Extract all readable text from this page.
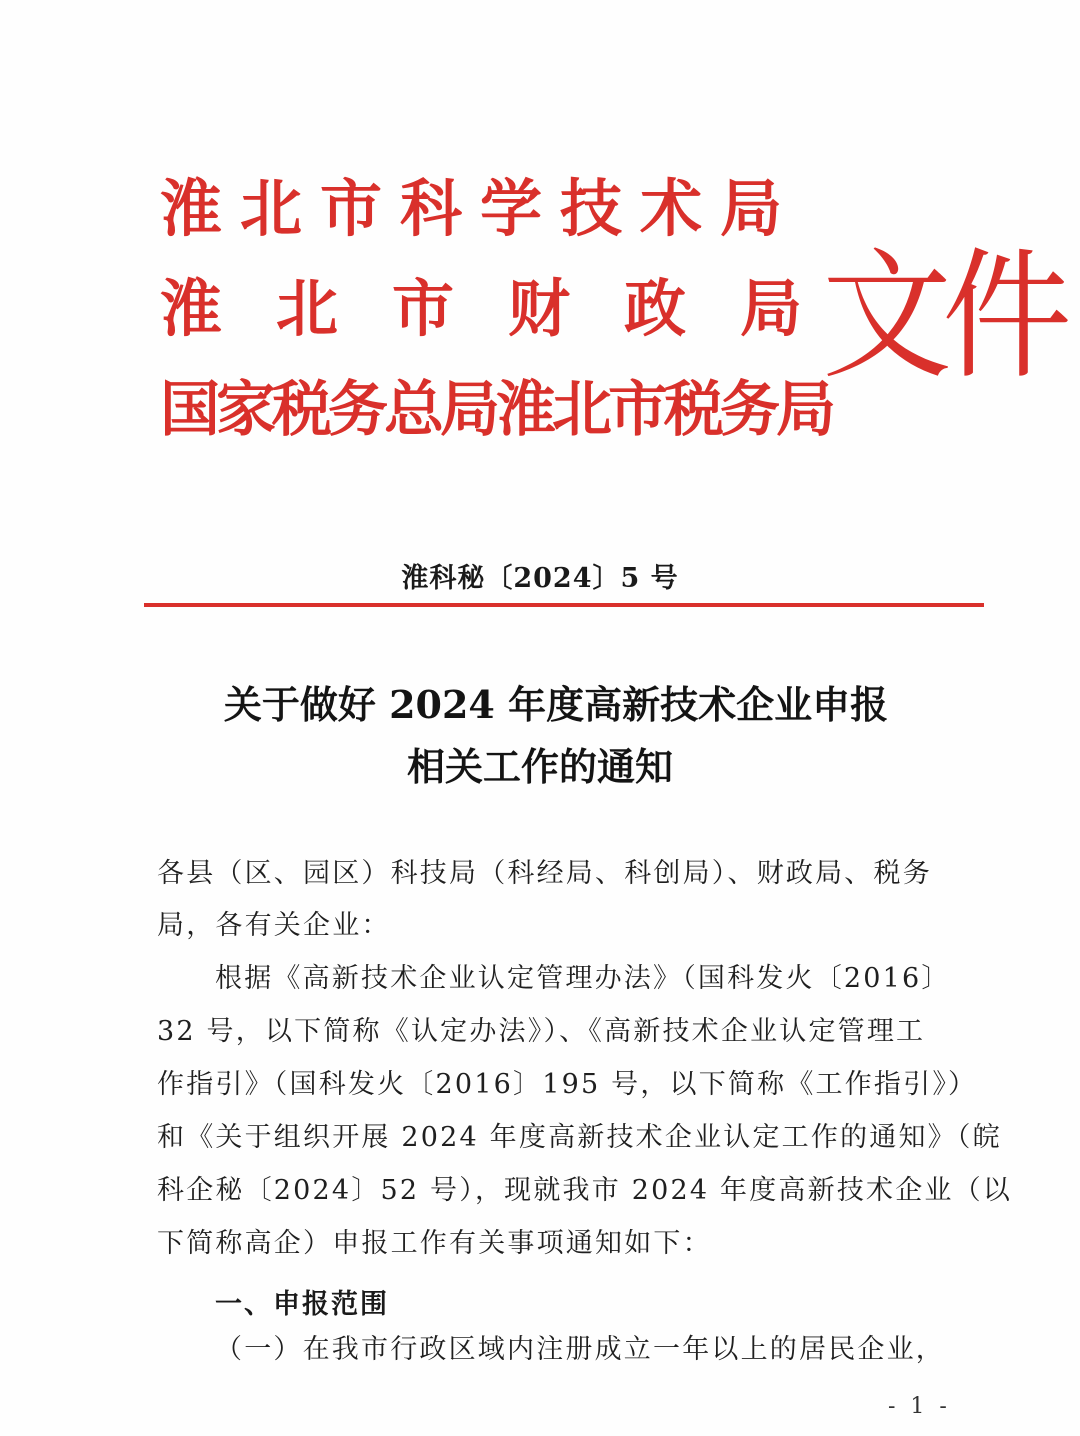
淮北市科学技术局
淮北市财政局
国家税务总局淮北市税务局
文件
淮科秘〔2024〕5 号
关于做好 2024 年度高新技术企业申报
相关工作的通知
各县（区、园区）科技局（科经局、科创局）、财政局、税务
局，各有关企业：
根据《高新技术企业认定管理办法》（国科发火〔2016〕
32 号，以下简称《认定办法》）、《高新技术企业认定管理工
作指引》（国科发火〔2016〕195 号，以下简称《工作指引》）
和《关于组织开展 2024 年度高新技术企业认定工作的通知》（皖
科企秘〔2024〕52 号），现就我市 2024 年度高新技术企业（以
下简称高企）申报工作有关事项通知如下：
一、申报范围
（一）在我市行政区域内注册成立一年以上的居民企业，
- 1 -
